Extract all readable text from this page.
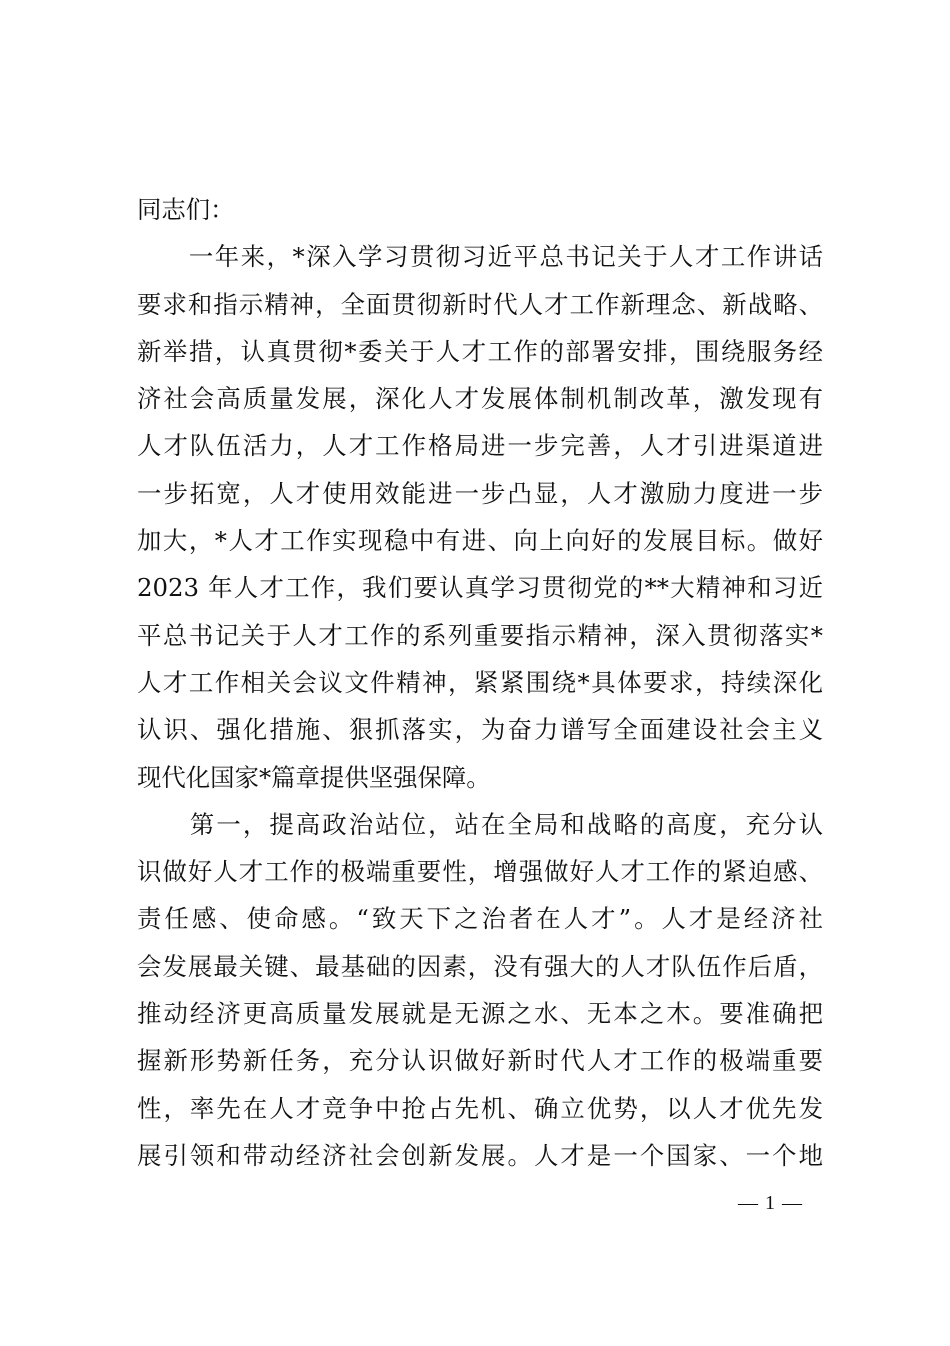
同志们：
　　一年来，*深入学习贯彻习近平总书记关于人才工作讲话
要求和指示精神，全面贯彻新时代人才工作新理念、新战略、
新举措，认真贯彻*委关于人才工作的部署安排，围绕服务经
济社会高质量发展，深化人才发展体制机制改革，激发现有
人才队伍活力，人才工作格局进一步完善，人才引进渠道进
一步拓宽，人才使用效能进一步凸显，人才激励力度进一步
加大，*人才工作实现稳中有进、向上向好的发展目标。做好
2023 年人才工作，我们要认真学习贯彻党的**大精神和习近
平总书记关于人才工作的系列重要指示精神，深入贯彻落实*
人才工作相关会议文件精神，紧紧围绕*具体要求，持续深化
认识、强化措施、狠抓落实，为奋力谱写全面建设社会主义
现代化国家*篇章提供坚强保障。
　　第一，提高政治站位，站在全局和战略的高度，充分认
识做好人才工作的极端重要性，增强做好人才工作的紧迫感、
责任感、使命感。“致天下之治者在人才”。人才是经济社
会发展最关键、最基础的因素，没有强大的人才队伍作后盾，
推动经济更高质量发展就是无源之水、无本之木。要准确把
握新形势新任务，充分认识做好新时代人才工作的极端重要
性，率先在人才竞争中抢占先机、确立优势，以人才优先发
展引领和带动经济社会创新发展。人才是一个国家、一个地
— 1 —
